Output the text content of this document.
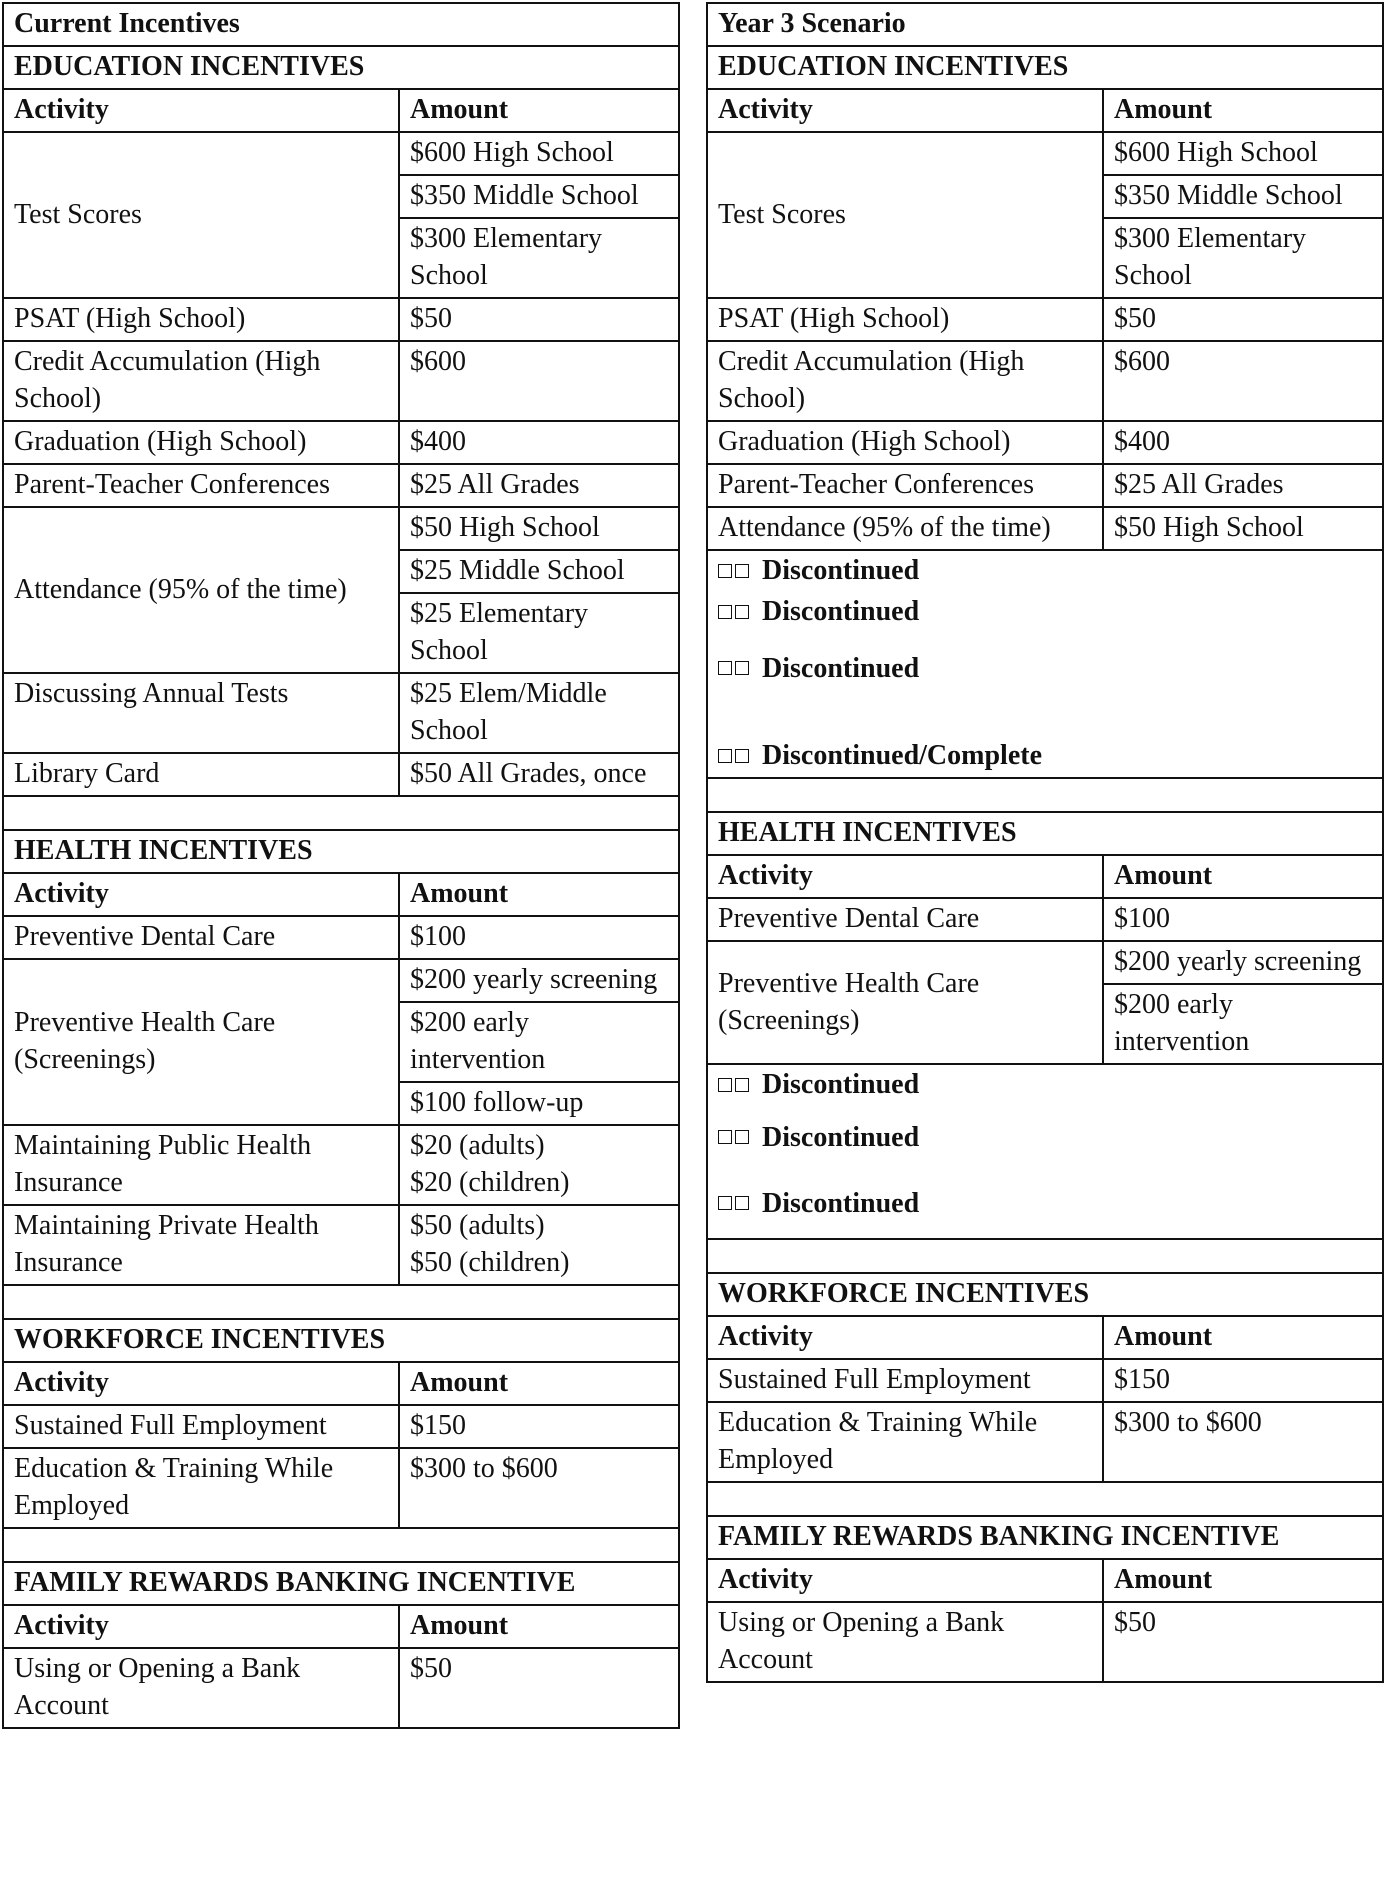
Current Incentives	
EDUCATION INCENTIVES	
Activity	Amount
Test Scores	$600 High School
	$350 Middle School
	$300 Elementary School
PSAT (High School)	$50
Credit Accumulation (High School)	$600
Graduation (High School)	$400
Parent-Teacher Conferences	$25 All Grades
Attendance (95% of the time)	$50 High School
	$25 Middle School
	$25 Elementary School
Discussing Annual Tests	$25 Elem/Middle School
Library Card	$50 All Grades, once

HEALTH INCENTIVES	
Activity	Amount
Preventive Dental Care	$100
Preventive Health Care (Screenings)	$200 yearly screening
	$200 early intervention
	$100 follow-up
Maintaining Public Health Insurance	$20 (adults)
$20 (children)

Maintaining Private Health Insurance	$50 (adults)
$50 (children)

WORKFORCE INCENTIVES	
Activity	Amount
Sustained Full Employment	$150
Education & Training While Employed	$300 to $600

FAMILY REWARDS BANKING INCENTIVE	
Activity	Amount
Using or Opening a Bank Account	$50
Year 3 Scenario	
EDUCATION INCENTIVES	
Activity	Amount
Test Scores	$600 High School
	$350 Middle School
	$300 Elementary School
PSAT (High School)	$50
Credit Accumulation (High School)	$600
Graduation (High School)	$400
Parent-Teacher Conferences	$25 All Grades
Attendance (95% of the time)	$50 High School
Discontinued	
Discontinued	
Discontinued	
Discontinued/Complete	

HEALTH INCENTIVES	
Activity	Amount
Preventive Dental Care	$100
Preventive Health Care (Screenings)	$200 yearly screening
	$200 early intervention
Discontinued	
Discontinued	
Discontinued	

WORKFORCE INCENTIVES	
Activity	Amount
Sustained Full Employment	$150
Education & Training While Employed	$300 to $600

FAMILY REWARDS BANKING INCENTIVE	
Activity	Amount
Using or Opening a Bank Account	$50
